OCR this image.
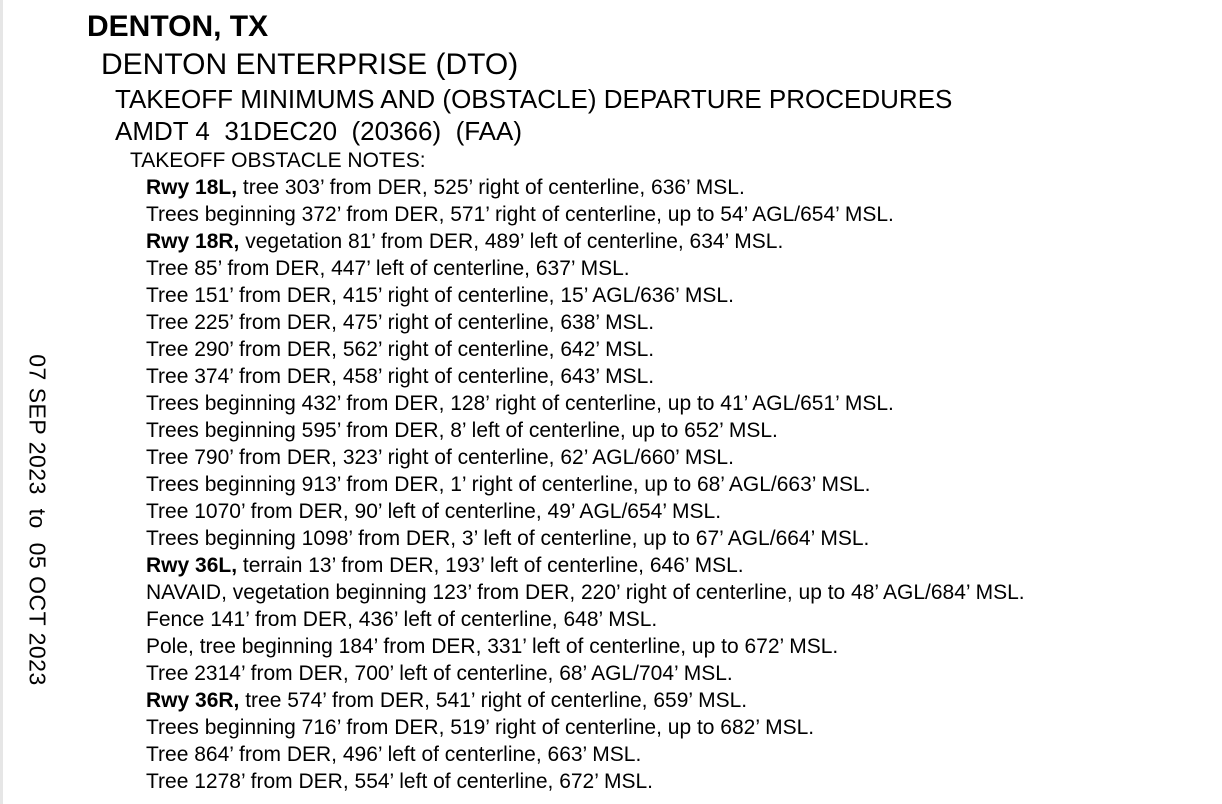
07 SEP 2023  to  05 OCT 2023
DENTON, TX
DENTON ENTERPRISE (DTO)
TAKEOFF MINIMUMS AND (OBSTACLE) DEPARTURE PROCEDURES
AMDT 4  31DEC20  (20366)  (FAA)
TAKEOFF OBSTACLE NOTES:
Rwy 18L, tree 303’ from DER, 525’ right of centerline, 636’ MSL.
Trees beginning 372’ from DER, 571’ right of centerline, up to 54’ AGL/654’ MSL.
Rwy 18R, vegetation 81’ from DER, 489’ left of centerline, 634’ MSL.
Tree 85’ from DER, 447’ left of centerline, 637’ MSL.
Tree 151’ from DER, 415’ right of centerline, 15’ AGL/636’ MSL.
Tree 225’ from DER, 475’ right of centerline, 638’ MSL.
Tree 290’ from DER, 562’ right of centerline, 642’ MSL.
Tree 374’ from DER, 458’ right of centerline, 643’ MSL.
Trees beginning 432’ from DER, 128’ right of centerline, up to 41’ AGL/651’ MSL.
Trees beginning 595’ from DER, 8’ left of centerline, up to 652’ MSL.
Tree 790’ from DER, 323’ right of centerline, 62’ AGL/660’ MSL.
Trees beginning 913’ from DER, 1’ right of centerline, up to 68’ AGL/663’ MSL.
Tree 1070’ from DER, 90’ left of centerline, 49’ AGL/654’ MSL.
Trees beginning 1098’ from DER, 3’ left of centerline, up to 67’ AGL/664’ MSL.
Rwy 36L, terrain 13’ from DER, 193’ left of centerline, 646’ MSL.
NAVAID, vegetation beginning 123’ from DER, 220’ right of centerline, up to 48’ AGL/684’ MSL.
Fence 141’ from DER, 436’ left of centerline, 648’ MSL.
Pole, tree beginning 184’ from DER, 331’ left of centerline, up to 672’ MSL.
Tree 2314’ from DER, 700’ left of centerline, 68’ AGL/704’ MSL.
Rwy 36R, tree 574’ from DER, 541’ right of centerline, 659’ MSL.
Trees beginning 716’ from DER, 519’ right of centerline, up to 682’ MSL.
Tree 864’ from DER, 496’ left of centerline, 663’ MSL.
Tree 1278’ from DER, 554’ left of centerline, 672’ MSL.
